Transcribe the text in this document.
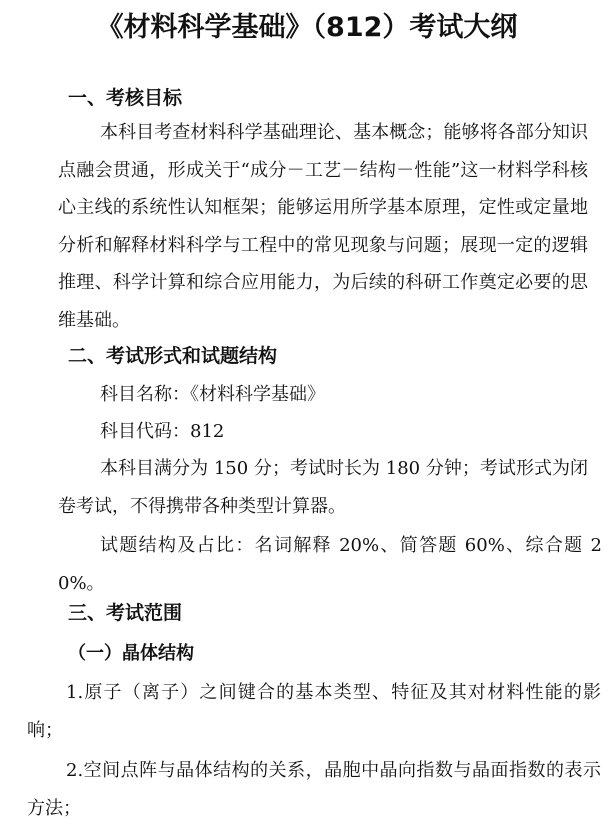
《材料科学基础》（812）考试大纲
一、考核目标
本科目考查材料科学基础理论、基本概念；能够将各部分知识点融会贯通，形成关于“成分－工艺－结构－性能”这一材料学科核心主线的系统性认知框架；能够运用所学基本原理，定性或定量地分析和解释材料科学与工程中的常见现象与问题；展现一定的逻辑推理、科学计算和综合应用能力，为后续的科研工作奠定必要的思维基础。
二、考试形式和试题结构
科目名称：《材料科学基础》
科目代码：812
本科目满分为 150 分；考试时长为 180 分钟；考试形式为闭卷考试，不得携带各种类型计算器。
试题结构及占比：名词解释 20%、简答题 60%、综合题 20%。
三、考试范围
（一）晶体结构
1.原子（离子）之间键合的基本类型、特征及其对材料性能的影响；
2.空间点阵与晶体结构的关系，晶胞中晶向指数与晶面指数的表示方法；
